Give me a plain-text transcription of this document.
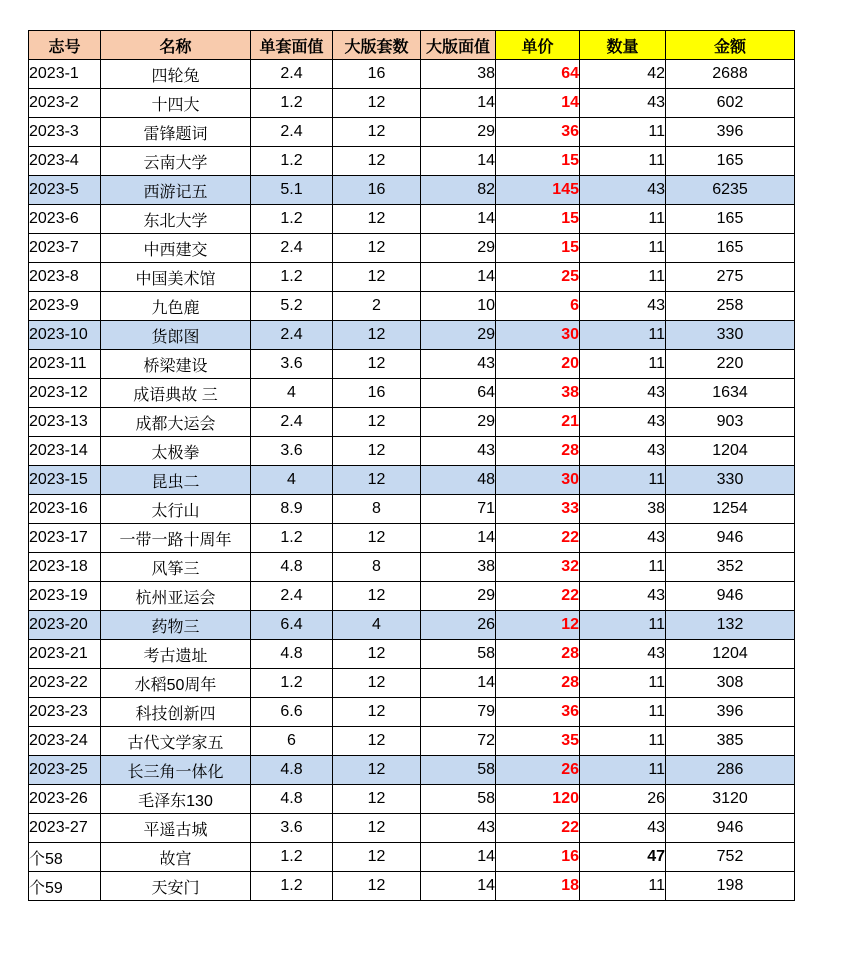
志号	名称	单套面值	大版套数	大版面值	单价	数量	金额
2023-1	四轮兔	2.4	16	38	64	42	2688
2023-2	十四大	1.2	12	14	14	43	602
2023-3	雷锋题词	2.4	12	29	36	11	396
2023-4	云南大学	1.2	12	14	15	11	165
2023-5	西游记五	5.1	16	82	145	43	6235
2023-6	东北大学	1.2	12	14	15	11	165
2023-7	中西建交	2.4	12	29	15	11	165
2023-8	中国美术馆	1.2	12	14	25	11	275
2023-9	九色鹿	5.2	2	10	6	43	258
2023-10	货郎图	2.4	12	29	30	11	330
2023-11	桥梁建设	3.6	12	43	20	11	220
2023-12	成语典故 三	4	16	64	38	43	1634
2023-13	成都大运会	2.4	12	29	21	43	903
2023-14	太极拳	3.6	12	43	28	43	1204
2023-15	昆虫二	4	12	48	30	11	330
2023-16	太行山	8.9	8	71	33	38	1254
2023-17	一带一路十周年	1.2	12	14	22	43	946
2023-18	风筝三	4.8	8	38	32	11	352
2023-19	杭州亚运会	2.4	12	29	22	43	946
2023-20	药物三	6.4	4	26	12	11	132
2023-21	考古遗址	4.8	12	58	28	43	1204
2023-22	水稻50周年	1.2	12	14	28	11	308
2023-23	科技创新四	6.6	12	79	36	11	396
2023-24	古代文学家五	6	12	72	35	11	385
2023-25	长三角一体化	4.8	12	58	26	11	286
2023-26	毛泽东130	4.8	12	58	120	26	3120
2023-27	平遥古城	3.6	12	43	22	43	946
个58	故宫	1.2	12	14	16	47	752
个59	天安门	1.2	12	14	18	11	198
